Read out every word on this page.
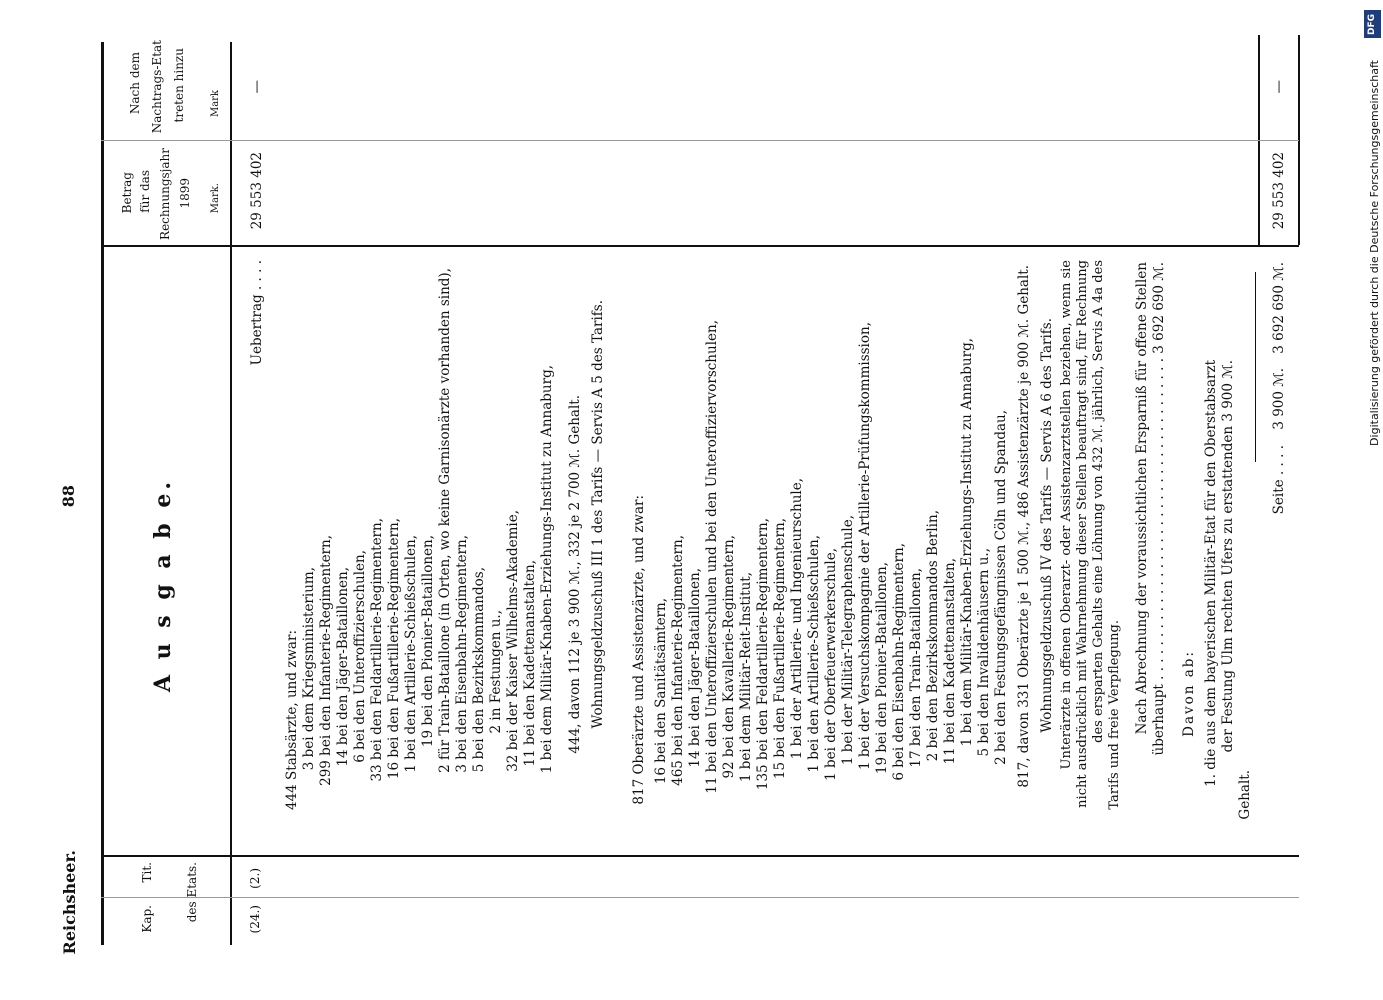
Reichsheer.
88	A u s g a b e.
Digitalisierung gefördert durch die Deutsche Forschungsgemeinschaft
DFG
Kap.
Tit.	des Etats.
Betrag für das Rechnungsjahr 1899 Mark.
Nach dem Nachtrags-Etat treten hinzu Mark
(24.)
(2.)
Uebertrag . . . .
29 553 402
—
444 Stabsärzte, und zwar: 3 bei dem Kriegsministerium, 299 bei den Infanterie-Regimentern, 14 bei den Jäger-Bataillonen, 6 bei den Unteroffizierschulen, 33 bei den Feldartillerie-Regimentern, 16 bei den Fußartillerie-Regimentern, 1 bei den Artillerie-Schießschulen, 19 bei den Pionier-Bataillonen, 2 für Train-Bataillone (in Orten, wo keine Garnisonärzte vorhanden sind), 3 bei den Eisenbahn-Regimentern, 5 bei den Bezirkskommandos, 2 in Festungen u., 32 bei der Kaiser Wilhelms-Akademie, 11 bei den Kadettenanstalten, 1 bei dem Militär-Knaben-Erziehungs-Institut zu Annaburg, 444, davon 112 je 3 900 ℳ., 332 je 2 700 ℳ. Gehalt. Wohnungsgeldzuschuß III 1 des Tarifs — Servis A 5 des Tarifs. 817 Oberärzte und Assistenzärzte, und zwar: 16 bei den Sanitätsämtern, 465 bei den Infanterie-Regimentern, 14 bei den Jäger-Bataillonen, 11 bei den Unteroffizierschulen und bei den Unteroffiziervorschulen, 92 bei den Kavallerie-Regimentern, 1 bei dem Militär-Reit-Institut, 135 bei den Feldartillerie-Regimentern, 15 bei den Fußartillerie-Regimentern, 1 bei der Artillerie- und Ingenieurschule, 1 bei den Artillerie-Schießschulen, 1 bei der Oberfeuerwerkerschule, 1 bei der Militär-Telegraphenschule, 1 bei der Versuchskompagnie der Artillerie-Prüfungskommission, 19 bei den Pionier-Bataillonen, 6 bei den Eisenbahn-Regimentern, 17 bei den Train-Bataillonen, 2 bei den Bezirkskommandos Berlin, 11 bei den Kadettenanstalten, 1 bei dem Militär-Knaben-Erziehungs-Institut zu Annaburg, 5 bei den Invalidenhäusern u., 2 bei den Festungsgefängnissen Cöln und Spandau, 817, davon 331 Oberärzte je 1 500 ℳ., 486 Assistenzärzte je 900 ℳ. Gehalt. Wohnungsgeldzuschuß IV des Tarifs — Servis A 6 des Tarifs. Unterärzte in offenen Oberarzt- oder Assistenzarztstellen beziehen, wenn sie nicht ausdrücklich mit Wahrnehmung dieser Stellen beauftragt sind, für Rechnung des ersparten Gehalts eine Löhnung von 432 ℳ. jährlich, Servis A 4a des Tarifs und freie Verpflegung. Nach Abrechnung der voraussichtlichen Ersparniß für offene Stellen überhaupt . . . . . . . . . . . . . . . . . . . . . . . . . . . . . . . . . . . . . . 3 692 690 ℳ. Davon ab: 1. die aus dem bayerischen Militär-Etat für den Oberstabsarzt der Festung Ulm rechten Ufers zu erstattenden 3 900 ℳ.
Gehalt.
Seite . . . .
3 900 ℳ.
3 692 690 ℳ.
29 553 402
—
